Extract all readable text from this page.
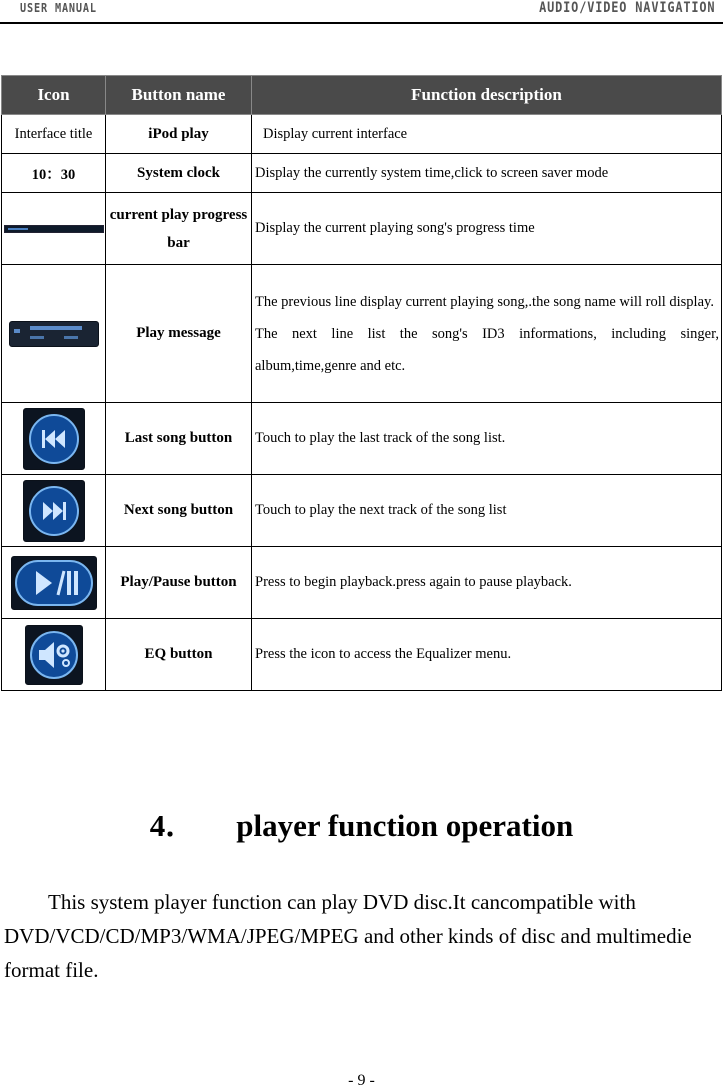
USER MANUAL	AUDIO/VIDEO NAVIGATION
Icon	Button name	Function description
Interface title	iPod play	Display current interface
10：30	System clock	Display the currently system time,click to screen saver mode

	current play progress bar	Display the current playing song's progress time

	Play message	The previous line display current playing song,.the song name will roll display.
The next line list the song's ID3 informations, including singer, album,time,genre and etc.

	Last song button	Touch to play the last track of the song list.

	Next song button	Touch to play the next track of the song list

	Play/Pause button	Press to begin playback.press again to pause playback.

	EQ button	Press the icon to access the Equalizer menu.
4． player function operation
This system player function can play DVD disc.It cancompatible with DVD/VCD/CD/MP3/WMA/JPEG/MPEG and other kinds of disc and multimedie format file.
- 9 -
